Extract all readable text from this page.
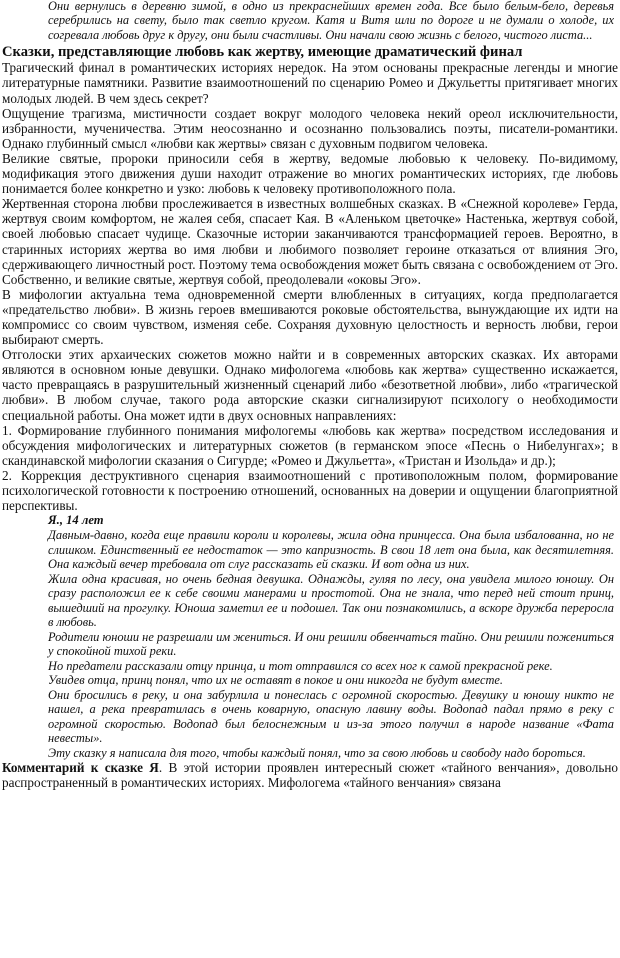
Они вернулись в деревню зимой, в одно из прекраснейших времен года. Все было белым-бело, деревья серебрились на свету, было так светло кругом. Катя и Витя шли по дороге и не думали о холоде, их согревала любовь друг к другу, они были счастливы. Они начали свою жизнь с белого, чистого листа...

Сказки, представляющие любовь как жертву, имеющие драматический финал

Трагический финал в романтических историях нередок. На этом основаны прекрасные легенды и многие литературные памятники. Развитие взаимоотношений по сценарию Ромео и Джульетты притягивает многих молодых людей. В чем здесь секрет?

Ощущение трагизма, мистичности создает вокруг молодого человека некий ореол исключительности, избранности, мученичества. Этим неосознанно и осознанно пользовались поэты, писатели-романтики. Однако глубинный смысл «любви как жертвы» связан с духовным подвигом человека.

Великие святые, пророки приносили себя в жертву, ведомые любовью к человеку. По-видимому, модификация этого движения души находит отражение во многих романтических историях, где любовь понимается более конкретно и узко: любовь к человеку противоположного пола.

Жертвенная сторона любви прослеживается в известных волшебных сказках. В «Снежной королеве» Герда, жертвуя своим комфортом, не жалея себя, спасает Кая. В «Аленьком цветочке» Настенька, жертвуя собой, своей любовью спасает чудище. Сказочные истории заканчиваются трансформацией героев. Вероятно, в старинных историях жертва во имя любви и любимого позволяет героине отказаться от влияния Эго, сдерживающего личностный рост. Поэтому тема освобождения может быть связана с освобождением от Эго. Собственно, и великие святые, жертвуя собой, преодолевали «оковы Эго».

В мифологии актуальна тема одновременной смерти влюбленных в ситуациях, когда предполагается «предательство любви». В жизнь героев вмешиваются роковые обстоятельства, вынуждающие их идти на компромисс со своим чувством, изменяя себе. Сохраняя духовную целостность и верность любви, герои выбирают смерть.

Отголоски этих архаических сюжетов можно найти и в современных авторских сказках. Их авторами являются в основном юные девушки. Однако мифологема «любовь как жертва» существенно искажается, часто превращаясь в разрушительный жизненный сценарий либо «безответной любви», либо «трагической любви». В любом случае, такого рода авторские сказки сигнализируют психологу о необходимости специальной работы. Она может идти в двух основных направлениях:

1. Формирование глубинного понимания мифологемы «любовь как жертва» посредством исследования и обсуждения мифологических и литературных сюжетов (в германском эпосе «Песнь о Нибелунгах»; в скандинавской мифологии сказания о Сигурде; «Ромео и Джульетта», «Тристан и Изольда» и др.);

2. Коррекция деструктивного сценария взаимоотношений с противоположным полом, формирование психологической готовности к построению отношений, основанных на доверии и ощущении благоприятной перспективы.

Я., 14 лет

Давным-давно, когда еще правили короли и королевы, жила одна принцесса. Она была избалованна, но не слишком. Единственный ее недостаток — это капризность. В свои 18 лет она была, как десятилетняя. Она каждый вечер требовала от слуг рассказать ей сказки. И вот одна из них.

Жила одна красивая, но очень бедная девушка. Однажды, гуляя по лесу, она увидела милого юношу. Он сразу расположил ее к себе своими манерами и простотой. Она не знала, что перед ней стоит принц, вышедший на прогулку. Юноша заметил ее и подошел. Так они познакомились, а вскоре дружба переросла в любовь.

Родители юноши не разрешали им жениться. И они решили обвенчаться тайно. Они решили пожениться у спокойной тихой реки.

Но предатели рассказали отцу принца, и тот отправился со всех ног к самой прекрасной реке.

Увидев отца, принц понял, что их не оставят в покое и они никогда не будут вместе.

Они бросились в реку, и она забурлила и понеслась с огромной скоростью. Девушку и юношу никто не нашел, а река превратилась в очень коварную, опасную лавину воды. Водопад падал прямо в реку с огромной скоростью. Водопад был белоснежным и из-за этого получил в народе название «Фата невесты».

Эту сказку я написала для того, чтобы каждый понял, что за свою любовь и свободу надо бороться.

Комментарий к сказке Я. В этой истории проявлен интересный сюжет «тайного венчания», довольно распространенный в романтических историях. Мифологема «тайного венчания» связана
